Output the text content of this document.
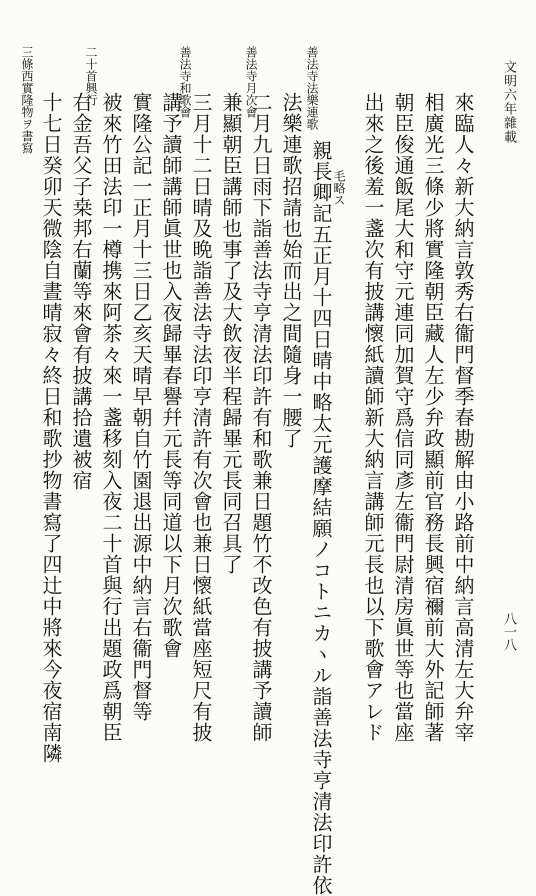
文明六年雜載
八一八
來臨人々新大納言敦秀右衞門督季春勘解由小路前中納言高清左大弁宰
相廣光三條少將實隆朝臣藏人左少弁政顯前官務長興宿禰前大外記師著
朝臣俊通飯尾大和守元連同加賀守爲信同彥左衞門尉清房眞世等也當座
出來之後羞一盞次有披講懷紙讀師新大納言講師元長也以下歌會アレド
毛略ス
親長卿記五正月十四日晴中略太元護摩結願ノコトニカヽル詣善法寺亨清法印許依
法樂連歌招請也始而出之間隨身一腰了
二月九日雨下詣善法寺亨清法印許有和歌兼日題竹不改色有披講予讀師
兼顯朝臣講師也事了及大飲夜半程歸畢元長同召具了
三月十二日晴及晩詣善法寺法印亨清許有次會也兼日懷紙當座短尺有披
講予讀師講師眞世也入夜歸畢春譽幷元長等同道以下月次歌會
實隆公記一正月十三日乙亥天晴早朝自竹園退出源中納言右衞門督等
被來竹田法印一樽携來阿茶々來一盞移刻入夜二十首與行出題政爲朝臣
右金吾父子桒邦右蘭等來會有披講拾遺被宿
十七日癸卯天微陰自晝晴寂々終日和歌抄物書寫了四辻中將來今夜宿南隣
三條西實隆物ヲ書寫	二十首興行	善法寺和歌會	善法寺月次會	善法寺法樂連歌
